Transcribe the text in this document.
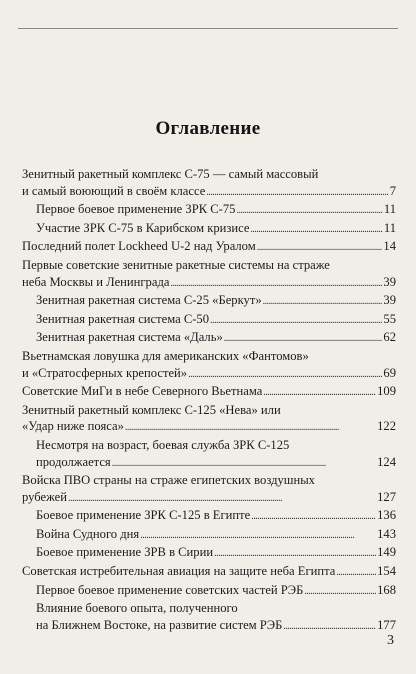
Оглавление
Зенитный ракетный комплекс С-75 — самый массовый
и самый воюющий в своём классе . . .	7
Первое боевое применение ЗРК С-75 . . .	11
Участие ЗРК С-75 в Карибском кризисе . . .	11
Последний полет Lockheed U-2 над Уралом . . .	14
Первые советские зенитные ракетные системы на страже
неба Москвы и Ленинграда . . .	39
Зенитная ракетная система С-25 «Беркут» . . .	39
Зенитная ракетная система С-50 . . .	55
Зенитная ракетная система «Даль» . . .	62
Вьетнамская ловушка для американских «Фантомов»
и «Стратосферных крепостей» . . .	69
Советские МиГи в небе Северного Вьетнама . . .	109
Зенитный ракетный комплекс С-125 «Нева» или
«Удар ниже пояса» . . .	122
Несмотря на возраст, боевая служба ЗРК С-125
продолжается . . .	124
Войска ПВО страны на страже египетских воздушных
рубежей . . .	127
Боевое применение ЗРК С-125 в Египте . . .	136
Война Судного дня . . .	143
Боевое применение ЗРВ в Сирии . . .	149
Советская истребительная авиация на защите неба Египта . . .	154
Первое боевое применение советских частей РЭБ . . .	168
Влияние боевого опыта, полученного
на Ближнем Востоке, на развитие систем РЭБ . . .	177
3
